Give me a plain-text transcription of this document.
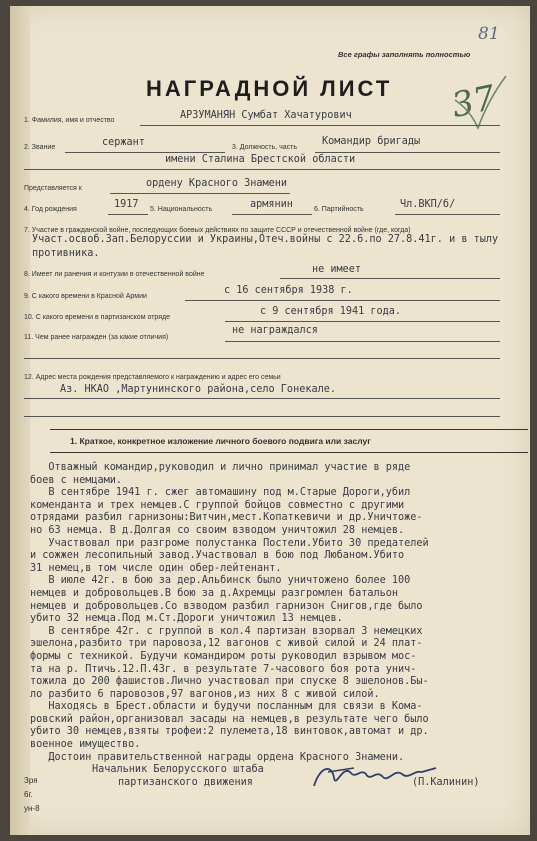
81
Все графы заполнять полностью
НАГРАДНОЙ ЛИСТ 37
1. Фамилия, имя и отчество	АРЗУМАНЯН Сумбат Хачатурович
2. Звание	сержант	3. Должность, часть
Командир бригады
имени Сталина Брестской области
Представляется к	ордену Красного Знамени
4. Год рождения	1917 5. Национальность	армянин	6. Партийность	Чл.ВКП/б/
7. Участие в гражданской войне, последующих боевых действиях по защите СССР и отечественной войне (где, когда)
Участ.освоб.Зап.Белоруссии и Украины,Отеч.войны с 22.6.по 27.8.41г. и в тылу противника.
8. Имеет ли ранения и контузии в отечественной войне	не имеет
9. С какого времени в Красной Армии
с 16 сентября 1938 г.
10. С какого времени в партизанском отряде
с 9 сентября 1941 года.
11. Чем ранее награжден (за какие отличия)
не награждался
12. Адрес места рождения представляемого к награждению и адрес его семьи
Аз. НКАО ,Мартунинского района,село Гонекале.
1. Краткое, конкретное изложение личного боевого подвига или заслуг

Отважный командир,руководил и лично принимал участие в ряде

боев с немцами.

В сентябре 1941 г. сжег автомашину под м.Старые Дороги,убил

коменданта и трех немцев.С группой бойцов совместно с другими

отрядами разбил гарнизоны:Витчин,мест.Копаткевичи и др.Уничтоже-

но 63 немца. В д.Долгая со своим взводом уничтожил 28 немцев.

Участвовал при разгроме полустанка Постели.Убито 30 предателей

и сожжен лесопильный завод.Участвовал в бою под Любаном.Убито

31 немец,в том числе один обер-лейтенант.

В июле 42г. в бою за дер.Альбинск было уничтожено более 100

немцев и добровольцев.В бою за д.Ахремцы разгромлен батальон

немцев и добровольцев.Со взводом разбил гарнизон Снигов,где было

убито 32 немца.Под м.Ст.Дороги уничтожил 13 немцев.

В сентябре 42г. с группой в кол.4 партизан взорвал 3 немецких

эшелона,разбито три паровоза,12 вагонов с живой силой и 24 плат-

формы с техникой. Будучи командиром роты руководил взрывом мос-

та на р. Птичь.12.П.43г. в результате 7-часового боя рота унич-

тожила до 200 фашистов.Лично участвовал при спуске 8 эшелонов.Бы-

ло разбито 6 паровозов,97 вагонов,из них 8 с живой силой.

Находясь в Брест.области и будучи посланным для связи в Кома-

ровский район,организовал засады на немцев,в результате чего было

убито 30 немцев,взяты трофеи:2 пулемета,18 винтовок,автомат и др.

военное имущество.

Достоин правительственной награды ордена Красного Знамени.

Начальник Белорусского штаба
партизанского движения	(П.Калинин)
Зря
6г.
ун-8
